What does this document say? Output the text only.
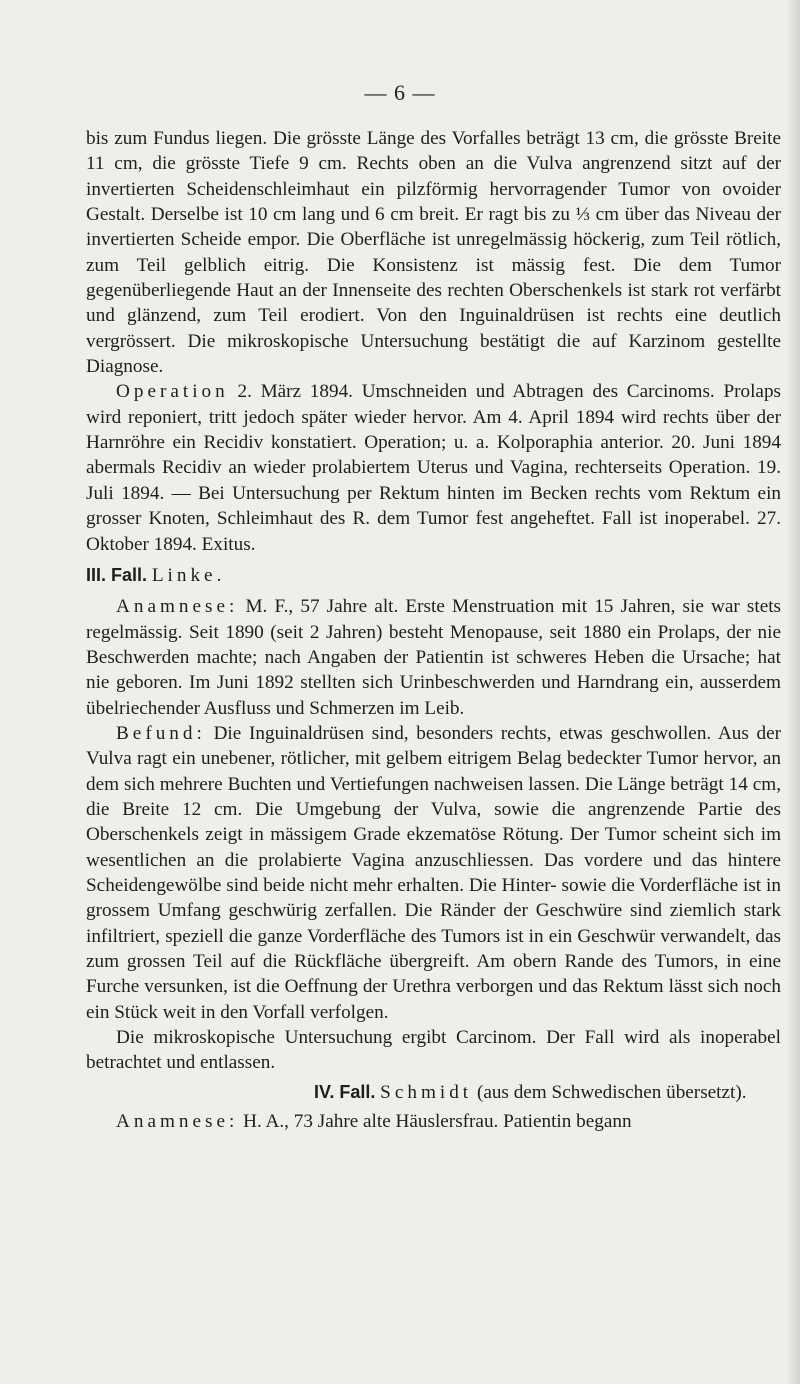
— 6 —

bis zum Fundus liegen. Die grösste Länge des Vorfalles beträgt 13 cm, die grösste Breite 11 cm, die grösste Tiefe 9 cm. Rechts oben an die Vulva angrenzend sitzt auf der invertierten Scheidenschleimhaut ein pilzförmig hervorragender Tumor von ovoider Gestalt. Derselbe ist 10 cm lang und 6 cm breit. Er ragt bis zu ⅓ cm über das Niveau der invertierten Scheide empor. Die Oberfläche ist unregelmässig höckerig, zum Teil rötlich, zum Teil gelblich eitrig. Die Konsistenz ist mässig fest. Die dem Tumor gegenüberliegende Haut an der Innenseite des rechten Oberschenkels ist stark rot verfärbt und glänzend, zum Teil erodiert. Von den Inguinaldrüsen ist rechts eine deutlich vergrössert. Die mikroskopische Untersuchung bestätigt die auf Karzinom gestellte Diagnose.

Operation 2. März 1894. Umschneiden und Abtragen des Carcinoms. Prolaps wird reponiert, tritt jedoch später wieder hervor. Am 4. April 1894 wird rechts über der Harnröhre ein Recidiv konstatiert. Operation; u. a. Kolporaphia anterior. 20. Juni 1894 abermals Recidiv an wieder prolabiertem Uterus und Vagina, rechterseits Operation. 19. Juli 1894. — Bei Untersuchung per Rektum hinten im Becken rechts vom Rektum ein grosser Knoten, Schleimhaut des R. dem Tumor fest angeheftet. Fall ist inoperabel. 27. Oktober 1894. Exitus.

III. Fall. Linke.

Anamnese: M. F., 57 Jahre alt. Erste Menstruation mit 15 Jahren, sie war stets regelmässig. Seit 1890 (seit 2 Jahren) besteht Menopause, seit 1880 ein Prolaps, der nie Beschwerden machte; nach Angaben der Patientin ist schweres Heben die Ursache; hat nie geboren. Im Juni 1892 stellten sich Urinbeschwerden und Harndrang ein, ausserdem übelriechender Ausfluss und Schmerzen im Leib.

Befund: Die Inguinaldrüsen sind, besonders rechts, etwas geschwollen. Aus der Vulva ragt ein unebener, rötlicher, mit gelbem eitrigem Belag bedeckter Tumor hervor, an dem sich mehrere Buchten und Vertiefungen nachweisen lassen. Die Länge beträgt 14 cm, die Breite 12 cm. Die Umgebung der Vulva, sowie die angrenzende Partie des Oberschenkels zeigt in mässigem Grade ekzematöse Rötung. Der Tumor scheint sich im wesentlichen an die prolabierte Vagina anzuschliessen. Das vordere und das hintere Scheidengewölbe sind beide nicht mehr erhalten. Die Hinter- sowie die Vorderfläche ist in grossem Umfang geschwürig zerfallen. Die Ränder der Geschwüre sind ziemlich stark infiltriert, speziell die ganze Vorderfläche des Tumors ist in ein Geschwür verwandelt, das zum grossen Teil auf die Rückfläche übergreift. Am obern Rande des Tumors, in eine Furche versunken, ist die Oeffnung der Urethra verborgen und das Rektum lässt sich noch ein Stück weit in den Vorfall verfolgen.

Die mikroskopische Untersuchung ergibt Carcinom. Der Fall wird als inoperabel betrachtet und entlassen.

IV. Fall. Schmidt (aus dem Schwedischen übersetzt).

Anamnese: H. A., 73 Jahre alte Häuslersfrau. Patientin begann
